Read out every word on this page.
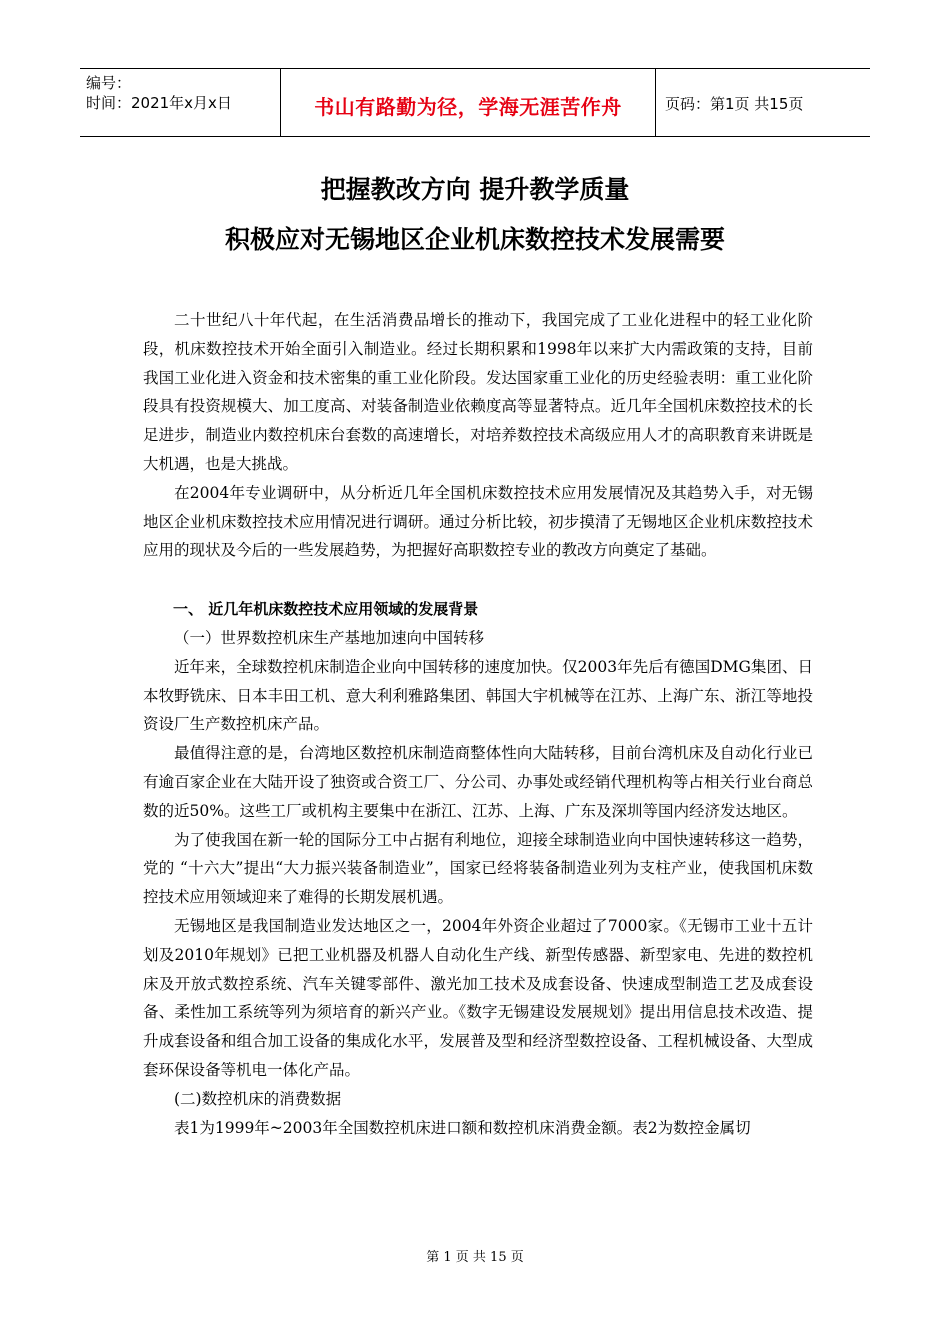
编号：
时间：2021年x月x日	书山有路勤为径，学海无涯苦作舟	页码：第1页 共15页
把握教改方向 提升教学质量
积极应对无锡地区企业机床数控技术发展需要

二十世纪八十年代起，在生活消费品增长的推动下，我国完成了工业化进程中的轻工业化阶段，机床数控技术开始全面引入制造业。经过长期积累和1998年以来扩大内需政策的支持，目前我国工业化进入资金和技术密集的重工业化阶段。发达国家重工业化的历史经验表明：重工业化阶段具有投资规模大、加工度高、对装备制造业依赖度高等显著特点。近几年全国机床数控技术的长足进步，制造业内数控机床台套数的高速增长，对培养数控技术高级应用人才的高职教育来讲既是大机遇，也是大挑战。

在2004年专业调研中，从分析近几年全国机床数控技术应用发展情况及其趋势入手，对无锡地区企业机床数控技术应用情况进行调研。通过分析比较，初步摸清了无锡地区企业机床数控技术应用的现状及今后的一些发展趋势，为把握好高职数控专业的教改方向奠定了基础。

一、 近几年机床数控技术应用领域的发展背景

（一）世界数控机床生产基地加速向中国转移

近年来，全球数控机床制造企业向中国转移的速度加快。仅2003年先后有德国DMG集团、日本牧野铣床、日本丰田工机、意大利利雅路集团、韩国大宇机械等在江苏、上海广东、浙江等地投资设厂生产数控机床产品。

最值得注意的是，台湾地区数控机床制造商整体性向大陆转移，目前台湾机床及自动化行业已有逾百家企业在大陆开设了独资或合资工厂、分公司、办事处或经销代理机构等占相关行业台商总数的近50%。这些工厂或机构主要集中在浙江、江苏、上海、广东及深圳等国内经济发达地区。

为了使我国在新一轮的国际分工中占据有利地位，迎接全球制造业向中国快速转移这一趋势，党的 “十六大”提出“大力振兴装备制造业”，国家已经将装备制造业列为支柱产业，使我国机床数控技术应用领域迎来了难得的长期发展机遇。

无锡地区是我国制造业发达地区之一，2004年外资企业超过了7000家。《无锡市工业十五计划及2010年规划》已把工业机器及机器人自动化生产线、新型传感器、新型家电、先进的数控机床及开放式数控系统、汽车关键零部件、激光加工技术及成套设备、快速成型制造工艺及成套设备、柔性加工系统等列为须培育的新兴产业。《数字无锡建设发展规划》提出用信息技术改造、提升成套设备和组合加工设备的集成化水平，发展普及型和经济型数控设备、工程机械设备、大型成套环保设备等机电一体化产品。

(二)数控机床的消费数据

表1为1999年~2003年全国数控机床进口额和数控机床消费金额。表2为数控金属切

第 1 页 共 15 页
